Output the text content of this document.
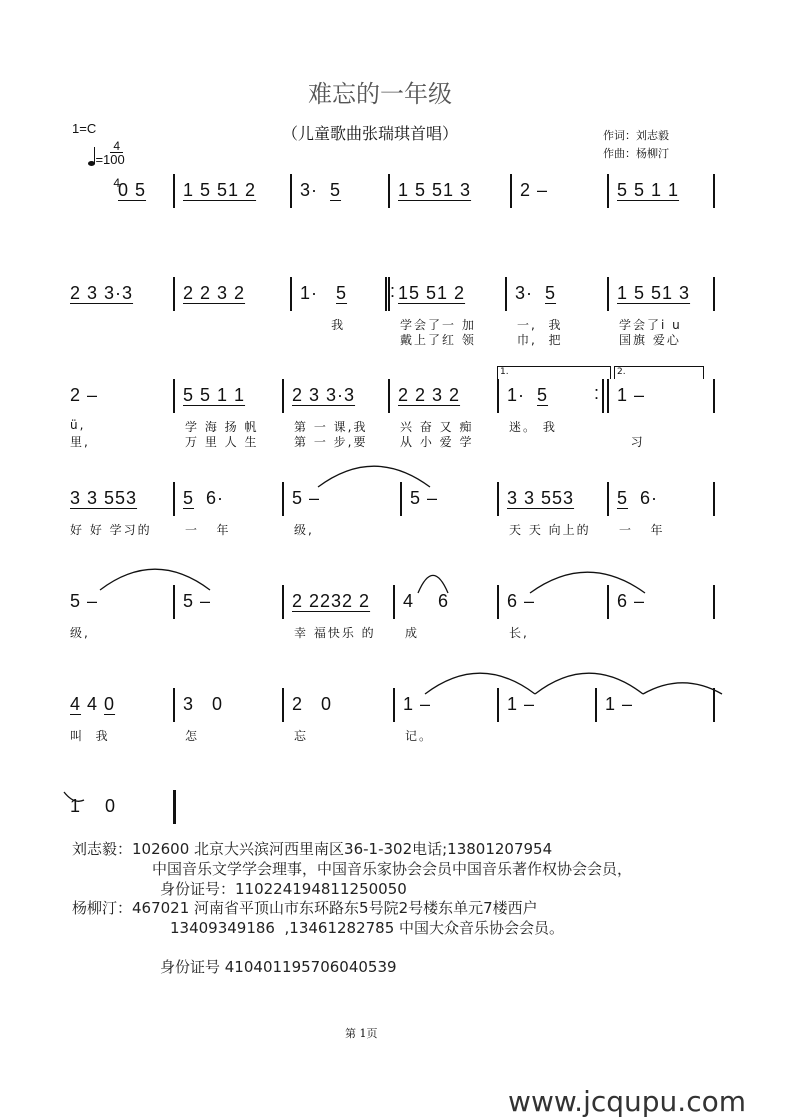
难忘的一年级
（儿童歌曲张瑞琪首唱）
1=C

4

4

=100

作词：刘志毅
作曲：杨柳汀
0 5 1 5 51 2 3·  5	1 5 51 3	2 –	5 5 1 1
2 3 3·3	2 2 3 2	1·   5	15 51 2	3·  5	1 5 51 3
我	学会了一 加	一,  我	学会了i u
戴上了红 领	巾,  把	国旗 爱心
2 –	5 5 1 1	2 3 3·3 2 2 3 2	1·  5	1 –
ü,	学 海 扬 帆	第 一 课,我	兴 奋 又 痴	迷。 我
里,	万 里 人 生	第 一 步,要	从 小 爱 学	习
3 3 553	5  6·	5 –	5 –	3 3 553 5  6·
好 好 学习的	一   年	级,	天 天 向上的 一   年
5 –	5 –	2 2232 2 4    6	6 –	6 –
级,	幸 福快乐 的 成	长,
4 4 0	3   0	2   0	1 –	1 –	1 –
叫  我	怎	忘	记。
1    0
:
:
1.	2.
刘志毅：102600 北京大兴滨河西里南区36-1-302电话;13801207954
中国音乐文学学会理事，中国音乐家协会会员中国音乐著作权协会会员，
身份证号：110224194811250050
杨柳汀：467021 河南省平顶山市东环路东5号院2号楼东单元7楼西户
13409349186  ,13461282785 中国大众音乐协会会员。
身份证号 410401195706040539
第 1页
www.jcqupu.com
